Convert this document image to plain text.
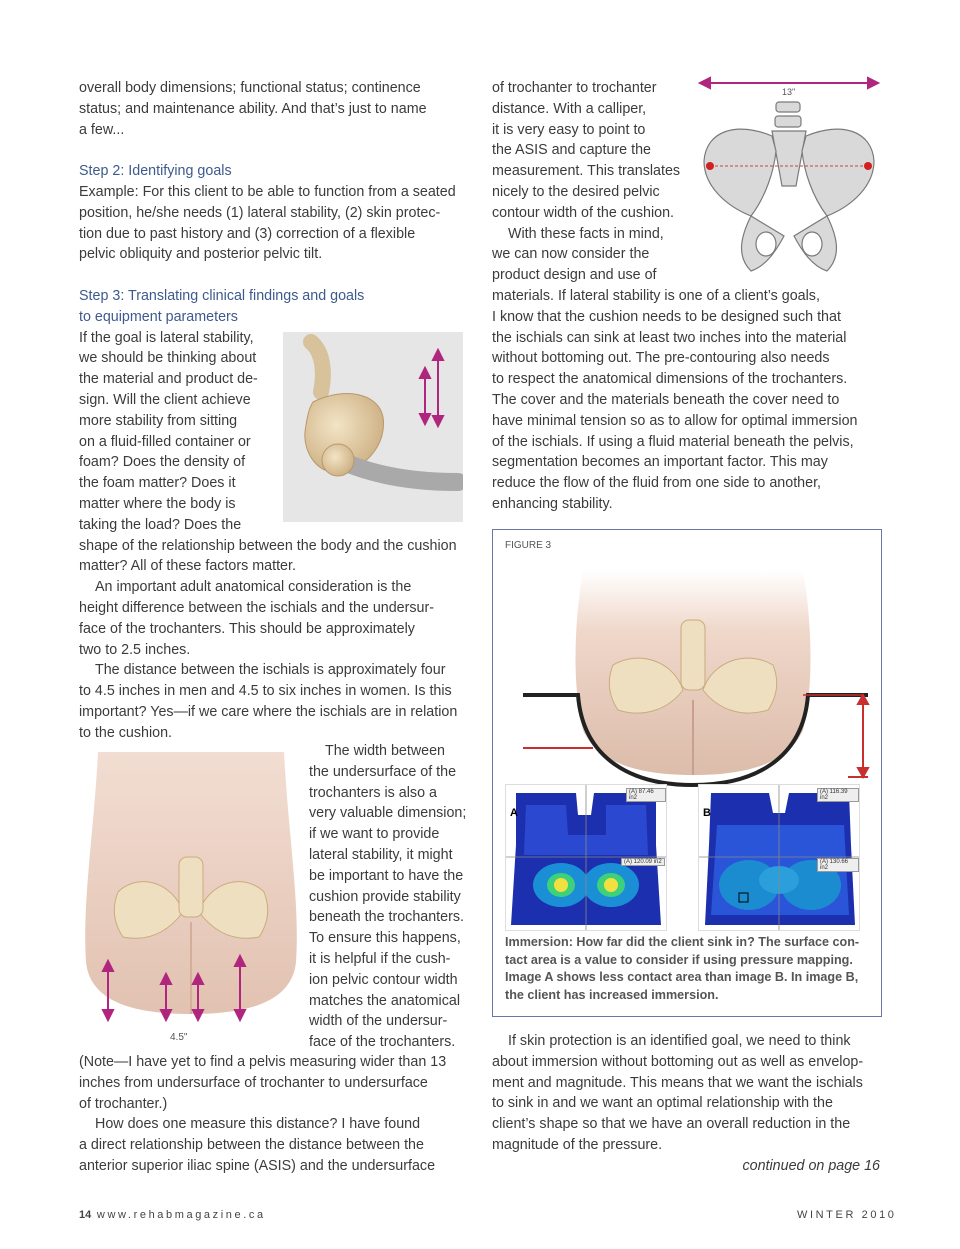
overall body dimensions; functional status; continence

status; and maintenance ability. And that’s just to name

a few...

Step 2: Identifying goals

Example: For this client to be able to function from a seated

position, he/she needs (1) lateral stability, (2) skin protec-

tion due to past history and (3) correction of a flexible

pelvic obliquity and posterior pelvic tilt.

Step 3: Translating clinical findings and goals

to equipment parameters

If the goal is lateral stability,

we should be thinking about

the material and product de-

sign. Will the client achieve

more stability from sitting

on a fluid-filled container or

foam? Does the density of

the foam matter? Does it

matter where the body is

taking the load? Does the

shape of the relationship between the body and the cushion

matter? All of these factors matter.

An important adult anatomical consideration is the

height difference between the ischials and the undersur-

face of the trochanters. This should be approximately

two to 2.5 inches.

The distance between the ischials is approximately four

to 4.5 inches in men and 4.5 to six inches in women. Is this

important? Yes—if we care where the ischials are in relation

to the cushion.

4.5"

The width between

the undersurface of the

trochanters is also a

very valuable dimension;

if we want to provide

lateral stability, it might

be important to have the

cushion provide stability

beneath the trochanters.

To ensure this happens,

it is helpful if the cush-

ion pelvic contour width

matches the anatomical

width of the undersur-

face of the trochanters.

(Note—I have yet to find a pelvis measuring wider than 13

inches from undersurface of trochanter to undersurface

of trochanter.)

How does one measure this distance? I have found

a direct relationship between the distance between the

anterior superior iliac spine (ASIS) and the undersurface

of trochanter to trochanter

distance. With a calliper,

it is very easy to point to

the ASIS and capture the

measurement. This translates

nicely to the desired pelvic

contour width of the cushion.

With these facts in mind,

we can now consider the

product design and use of

materials. If lateral stability is one of a client’s goals,

I know that the cushion needs to be designed such that

the ischials can sink at least two inches into the material

without bottoming out. The pre-contouring also needs

to respect the anatomical dimensions of the trochanters.

The cover and the materials beneath the cover need to

have minimal tension so as to allow for optimal immersion

of the ischials. If using a fluid material beneath the pelvis,

segmentation becomes an important factor. This may

reduce the flow of the fluid from one side to another,

enhancing stability.

13"
FIGURE 3
A
(A) 87.46 in2
(A) 120.09 in2
B
(A) 116.39 in2
(A) 130.66 in2
Immersion: How far did the client sink in? The surface con-
tact area is a value to consider if using pressure mapping.
Image A shows less contact area than image B. In image B,
the client has increased immersion.

If skin protection is an identified goal, we need to think

about immersion without bottoming out as well as envelop-

ment and magnitude. This means that we want the ischials

to sink in and we want an optimal relationship with the

client’s shape so that we have an overall reduction in the

magnitude of the pressure.

continued on page 16

14 www.rehabmagazine.ca	WINTER 2010
